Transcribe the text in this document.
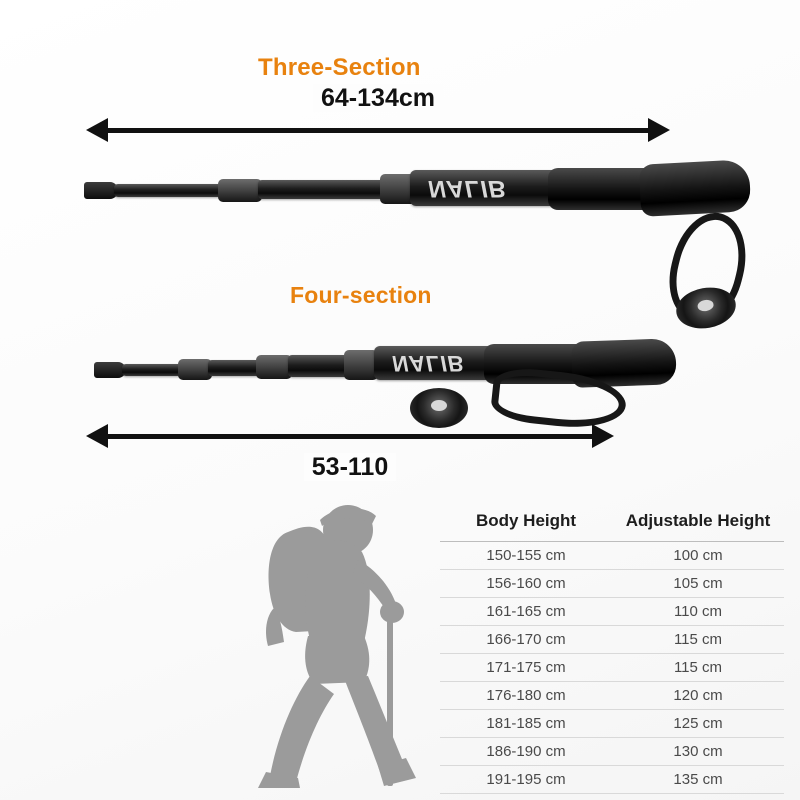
Three-Section
64-134cm
NALIB
Four-section
NALIB
53-110
Body Height	Adjustable Height
150-155 cm	100 cm
156-160 cm	105 cm
161-165 cm	110 cm
166-170 cm	115 cm
171-175 cm	115 cm
176-180 cm	120 cm
181-185 cm	125 cm
186-190 cm	130 cm
191-195 cm	135 cm
